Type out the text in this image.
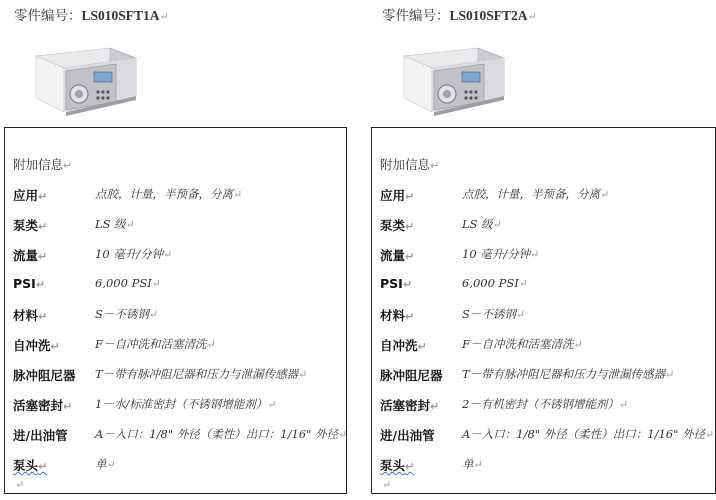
零件编号：LS010SFT1A↵
附加信息↵
应用↵	点胶，计量，半预备，分离↵
泵类↵	LS 级↵
流量↵	10 毫升/分钟↵
PSI↵	6,000 PSI↵
材料↵	S－不锈钢↵
自冲洗↵	F－自冲洗和活塞清洗↵
脉冲阻尼器 T－带有脉冲阻尼器和压力与泄漏传感器↵
活塞密封↵ 1－水/标准密封（不锈钢增能剂）↵
进/出油管 A－入口：1/8" 外径（柔性）出口：1/16" 外径↵
泵头↵	单↵
↵
零件编号：LS010SFT2A↵
附加信息↵
应用↵	点胶，计量，半预备，分离↵
泵类↵	LS 级↵
流量↵	10 毫升/分钟↵
PSI↵	6,000 PSI↵
材料↵	S－不锈钢↵
自冲洗↵	F－自冲洗和活塞清洗↵
脉冲阻尼器 T－带有脉冲阻尼器和压力与泄漏传感器↵
活塞密封↵ 2－有机密封（不锈钢增能剂）↵
进/出油管 A－入口：1/8" 外径（柔性）出口：1/16" 外径↵
泵头↵	单↵
↵
